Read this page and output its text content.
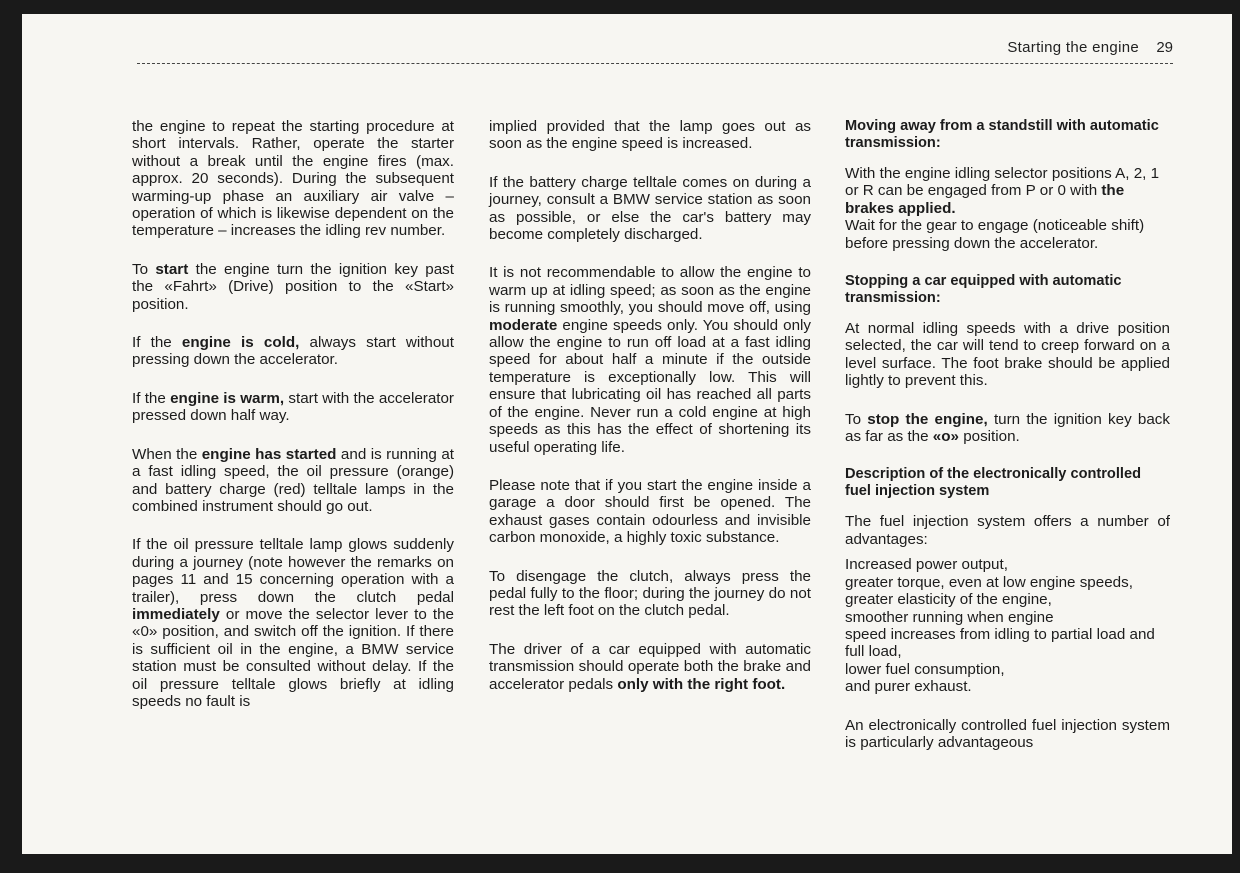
Starting the engine 29

the engine to repeat the starting procedure at short intervals. Rather, operate the starter without a break until the engine fires (max. approx. 20 seconds). During the subsequent warming-up phase an auxiliary air valve – operation of which is likewise dependent on the temperature – increases the idling rev number.

To start the engine turn the ignition key past the «Fahrt» (Drive) position to the «Start» position.

If the engine is cold, always start without pressing down the accelerator.

If the engine is warm, start with the accelerator pressed down half way.

When the engine has started and is running at a fast idling speed, the oil pressure (orange) and battery charge (red) telltale lamps in the combined instrument should go out.

If the oil pressure telltale lamp glows suddenly during a journey (note however the remarks on pages 11 and 15 concerning operation with a trailer), press down the clutch pedal immediately or move the selector lever to the «0» position, and switch off the ignition. If there is sufficient oil in the engine, a BMW service station must be consulted without delay. If the oil pressure telltale glows briefly at idling speeds no fault is

implied provided that the lamp goes out as soon as the engine speed is increased.

If the battery charge telltale comes on during a journey, consult a BMW service station as soon as possible, or else the car's battery may become completely discharged.

It is not recommendable to allow the engine to warm up at idling speed; as soon as the engine is running smoothly, you should move off, using moderate engine speeds only. You should only allow the engine to run off load at a fast idling speed for about half a minute if the outside temperature is exceptionally low. This will ensure that lubricating oil has reached all parts of the engine. Never run a cold engine at high speeds as this has the effect of shortening its useful operating life.

Please note that if you start the engine inside a garage a door should first be opened. The exhaust gases contain odourless and invisible carbon monoxide, a highly toxic substance.

To disengage the clutch, always press the pedal fully to the floor; during the journey do not rest the left foot on the clutch pedal.

The driver of a car equipped with automatic transmission should operate both the brake and accelerator pedals only with the right foot.

Moving away from a standstill with automatic transmission:

With the engine idling selector positions A, 2, 1 or R can be engaged from P or 0 with the brakes applied.
Wait for the gear to engage (noticeable shift) before pressing down the accelerator.

Stopping a car equipped with automatic transmission:

At normal idling speeds with a drive position selected, the car will tend to creep forward on a level surface. The foot brake should be applied lightly to prevent this.

To stop the engine, turn the ignition key back as far as the «o» position.

Description of the electronically controlled fuel injection system

The fuel injection system offers a number of advantages:

Increased power output,
greater torque, even at low engine speeds,
greater elasticity of the engine,
smoother running when engine
speed increases from idling to partial load and full load,
lower fuel consumption,
and purer exhaust.

An electronically controlled fuel injection system is particularly advantageous
